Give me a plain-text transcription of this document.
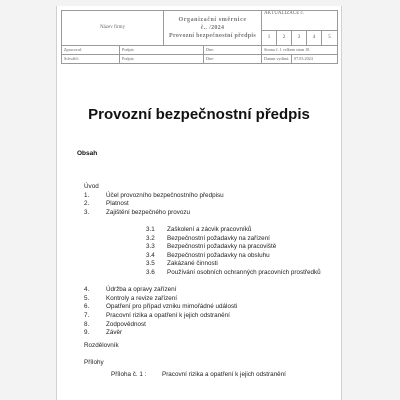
Název firmy		Organizační směrnice
č.. /2024
Provozní bezpečnostní předpis		AKTUALIZACE č.				
				1	2	3	4	5
Zpracoval:	Podpis:		Dne:	Strana č. 1 celkem stran 18				
Schválil:	Podpis:		Dne:	Datum vydání:		07.03.2024		
Provozní bezpečnostní předpis
Obsah
Úvod
1.	Účel provozního bezpečnostního předpisu
2.	Platnost
3.	Zajištění bezpečného provozu
3.1 Zaškolení a zácvik pracovníků
3.2 Bezpečnostní požadavky na zařízení
3.3 Bezpečnostní požadavky na pracoviště
3.4 Bezpečnostní požadavky na obsluhu
3.5 Zakázané činnosti
3.6 Používání osobních ochranných pracovních prostředků
4.	Údržba a opravy zařízení
5.	Kontroly a revize zařízení
6.	Opatření pro případ vzniku mimořádné události
7.	Pracovní rizika a opatření k jejich odstranění
8.	Zodpovědnost
9.	Závěr
Rozdělovník
Přílohy
Příloha č. 1 : Pracovní rizika a opatření k jejich odstranění
